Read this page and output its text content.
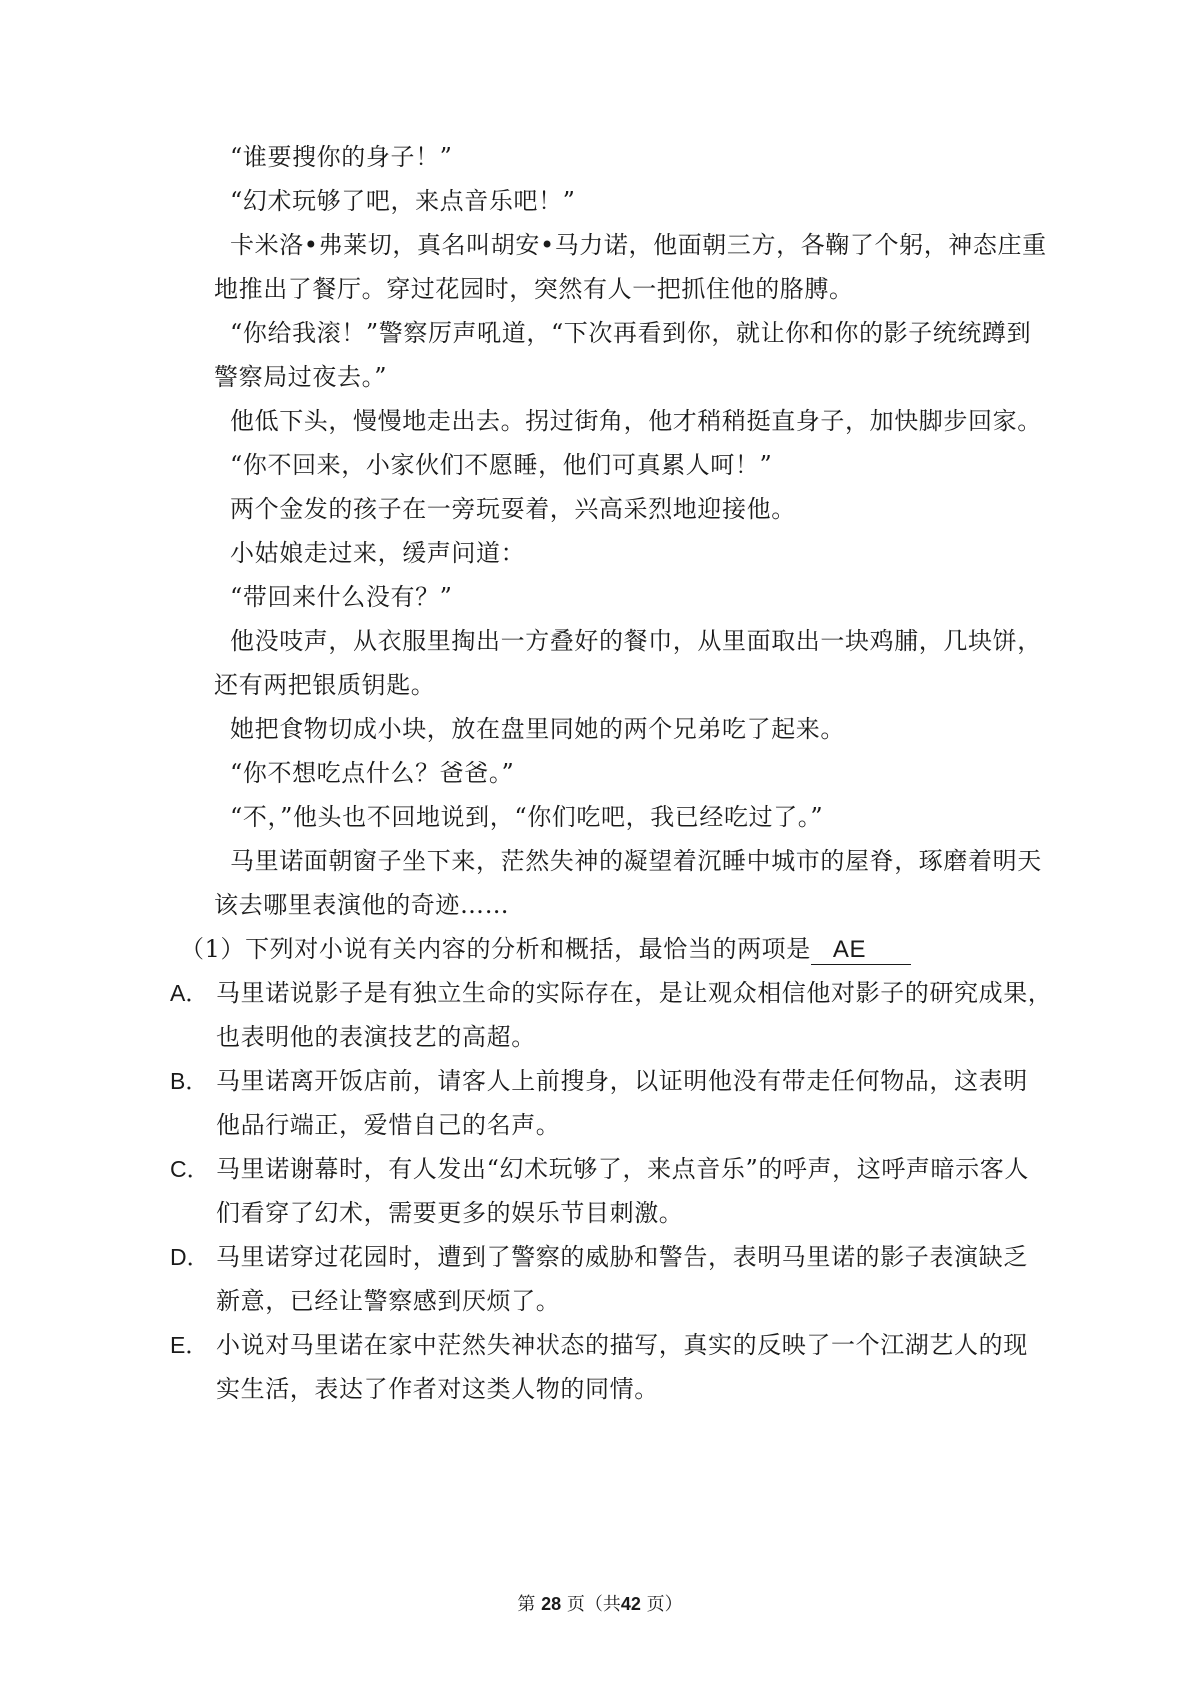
“谁要搜你的身子！”
“幻术玩够了吧，来点音乐吧！”
卡米洛•弗莱切，真名叫胡安•马力诺，他面朝三方，各鞠了个躬，神态庄重
地推出了餐厅。穿过花园时，突然有人一把抓住他的胳膊。
“你给我滚！”警察厉声吼道，“下次再看到你，就让你和你的影子统统蹲到
警察局过夜去。”
他低下头，慢慢地走出去。拐过街角，他才稍稍挺直身子，加快脚步回家。
“你不回来，小家伙们不愿睡，他们可真累人呵！”
两个金发的孩子在一旁玩耍着，兴高采烈地迎接他。
小姑娘走过来，缓声问道：
“带回来什么没有？”
他没吱声，从衣服里掏出一方叠好的餐巾，从里面取出一块鸡脯，几块饼，
还有两把银质钥匙。
她把食物切成小块，放在盘里同她的两个兄弟吃了起来。
“你不想吃点什么？爸爸。”
“不，”他头也不回地说到，“你们吃吧，我已经吃过了。”
马里诺面朝窗子坐下来，茫然失神的凝望着沉睡中城市的屋脊，琢磨着明天
该去哪里表演他的奇迹……
（1）下列对小说有关内容的分析和概括，最恰当的两项是 AE
A． 马里诺说影子是有独立生命的实际存在，是让观众相信他对影子的研究成果，
也表明他的表演技艺的高超。
B． 马里诺离开饭店前，请客人上前搜身，以证明他没有带走任何物品，这表明
他品行端正，爱惜自己的名声。
C． 马里诺谢幕时，有人发出“幻术玩够了，来点音乐”的呼声，这呼声暗示客人
们看穿了幻术，需要更多的娱乐节目刺激。
D． 马里诺穿过花园时，遭到了警察的威胁和警告，表明马里诺的影子表演缺乏
新意，已经让警察感到厌烦了。
E． 小说对马里诺在家中茫然失神状态的描写，真实的反映了一个江湖艺人的现
实生活，表达了作者对这类人物的同情。
第 28 页（共42 页）
